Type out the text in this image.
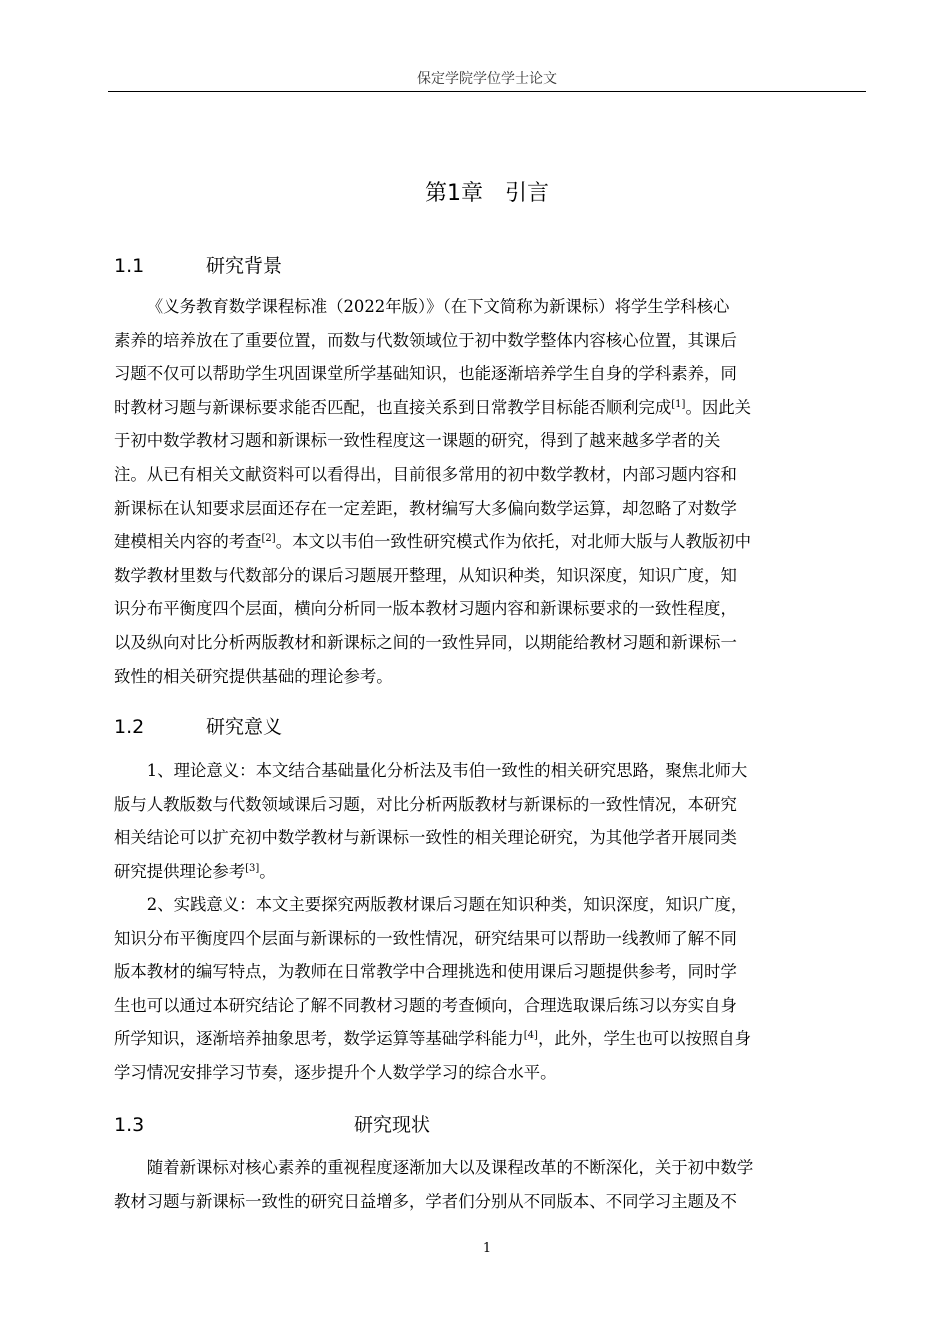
保定学院学位学士论文
第1章　引言
1.1	研究背景
《义务教育数学课程标准（2022年版）》（在下文简称为新课标）将学生学科核心
素养的培养放在了重要位置，而数与代数领域位于初中数学整体内容核心位置，其课后
习题不仅可以帮助学生巩固课堂所学基础知识，也能逐渐培养学生自身的学科素养，同
时教材习题与新课标要求能否匹配，也直接关系到日常教学目标能否顺利完成[1]。因此关
于初中数学教材习题和新课标一致性程度这一课题的研究，得到了越来越多学者的关
注。从已有相关文献资料可以看得出，目前很多常用的初中数学教材，内部习题内容和
新课标在认知要求层面还存在一定差距，教材编写大多偏向数学运算，却忽略了对数学
建模相关内容的考查[2]。本文以韦伯一致性研究模式作为依托，对北师大版与人教版初中
数学教材里数与代数部分的课后习题展开整理，从知识种类，知识深度，知识广度，知
识分布平衡度四个层面，横向分析同一版本教材习题内容和新课标要求的一致性程度，
以及纵向对比分析两版教材和新课标之间的一致性异同，以期能给教材习题和新课标一
致性的相关研究提供基础的理论参考。
1.2	研究意义
1、理论意义：本文结合基础量化分析法及韦伯一致性的相关研究思路，聚焦北师大
版与人教版数与代数领域课后习题，对比分析两版教材与新课标的一致性情况，本研究
相关结论可以扩充初中数学教材与新课标一致性的相关理论研究，为其他学者开展同类
研究提供理论参考[3]。
2、实践意义：本文主要探究两版教材课后习题在知识种类，知识深度，知识广度，
知识分布平衡度四个层面与新课标的一致性情况，研究结果可以帮助一线教师了解不同
版本教材的编写特点，为教师在日常教学中合理挑选和使用课后习题提供参考，同时学
生也可以通过本研究结论了解不同教材习题的考查倾向，合理选取课后练习以夯实自身
所学知识，逐渐培养抽象思考，数学运算等基础学科能力[4]，此外，学生也可以按照自身
学习情况安排学习节奏，逐步提升个人数学学习的综合水平。
1.3	研究现状
随着新课标对核心素养的重视程度逐渐加大以及课程改革的不断深化，关于初中数学
教材习题与新课标一致性的研究日益增多，学者们分别从不同版本、不同学习主题及不
1
